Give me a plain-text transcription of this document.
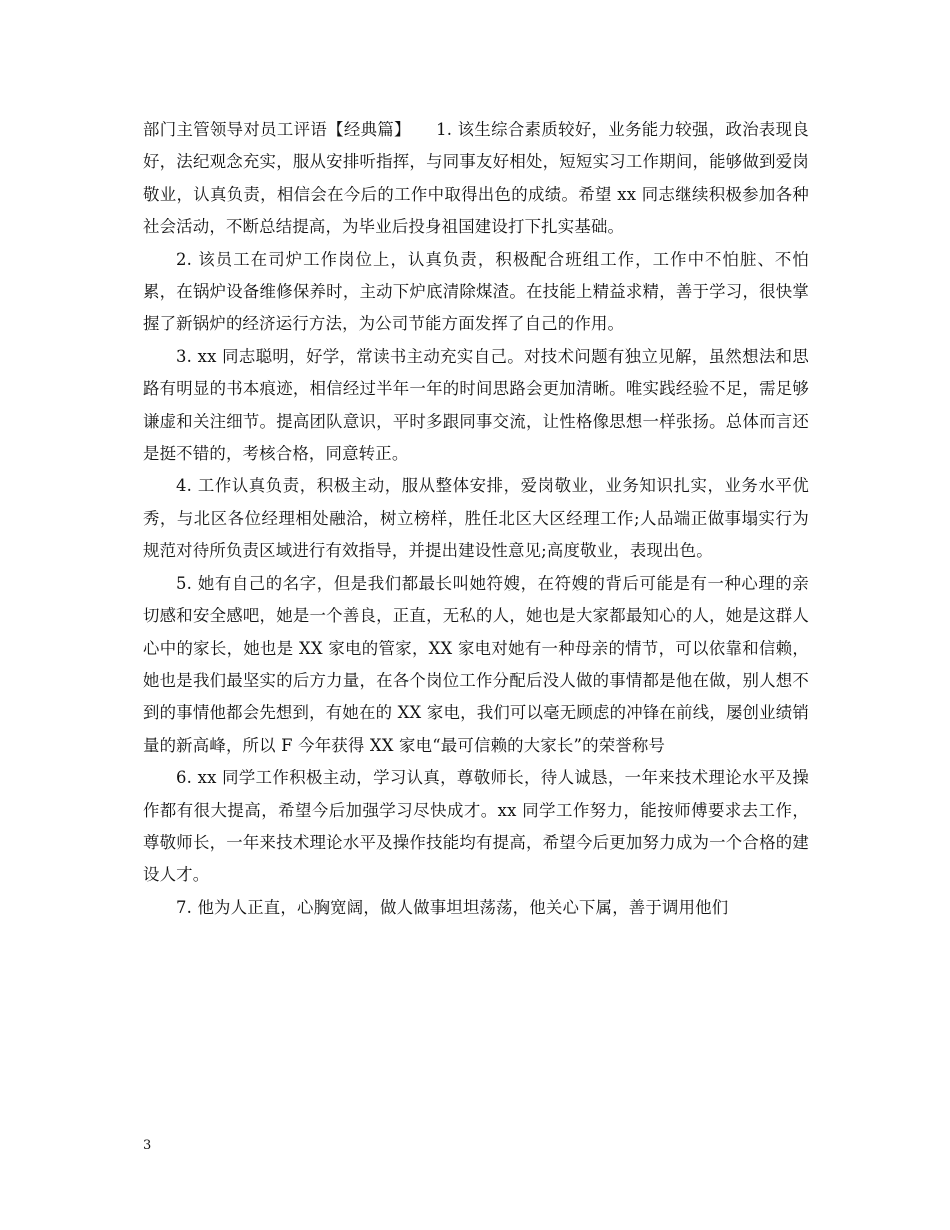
部门主管领导对员工评语【经典篇】　　1. 该生综合素质较好，业务能力较强，政治表现良好，法纪观念充实，服从安排听指挥，与同事友好相处，短短实习工作期间，能够做到爱岗敬业，认真负责，相信会在今后的工作中取得出色的成绩。希望 xx 同志继续积极参加各种社会活动，不断总结提高，为毕业后投身祖国建设打下扎实基础。

2. 该员工在司炉工作岗位上，认真负责，积极配合班组工作，工作中不怕脏、不怕累，在锅炉设备维修保养时，主动下炉底清除煤渣。在技能上精益求精，善于学习，很快掌握了新锅炉的经济运行方法，为公司节能方面发挥了自己的作用。

3. xx 同志聪明，好学，常读书主动充实自己。对技术问题有独立见解，虽然想法和思路有明显的书本痕迹，相信经过半年一年的时间思路会更加清晰。唯实践经验不足，需足够谦虚和关注细节。提高团队意识，平时多跟同事交流，让性格像思想一样张扬。总体而言还是挺不错的，考核合格，同意转正。

4. 工作认真负责，积极主动，服从整体安排，爱岗敬业，业务知识扎实，业务水平优秀，与北区各位经理相处融洽，树立榜样，胜任北区大区经理工作;人品端正做事塌实行为规范对待所负责区域进行有效指导，并提出建设性意见;高度敬业，表现出色。

5. 她有自己的名字，但是我们都最长叫她符嫂，在符嫂的背后可能是有一种心理的亲切感和安全感吧，她是一个善良，正直，无私的人，她也是大家都最知心的人，她是这群人心中的家长，她也是 XX 家电的管家，XX 家电对她有一种母亲的情节，可以依靠和信赖，她也是我们最坚实的后方力量，在各个岗位工作分配后没人做的事情都是他在做，别人想不到的事情他都会先想到，有她在的 XX 家电，我们可以毫无顾虑的冲锋在前线，屡创业绩销量的新高峰，所以 F 今年获得 XX 家电“最可信赖的大家长”的荣誉称号

6. xx 同学工作积极主动，学习认真，尊敬师长，待人诚恳，一年来技术理论水平及操作都有很大提高，希望今后加强学习尽快成才。xx 同学工作努力，能按师傅要求去工作，尊敬师长，一年来技术理论水平及操作技能均有提高，希望今后更加努力成为一个合格的建设人才。

7. 他为人正直，心胸宽阔，做人做事坦坦荡荡，他关心下属，善于调用他们

3
